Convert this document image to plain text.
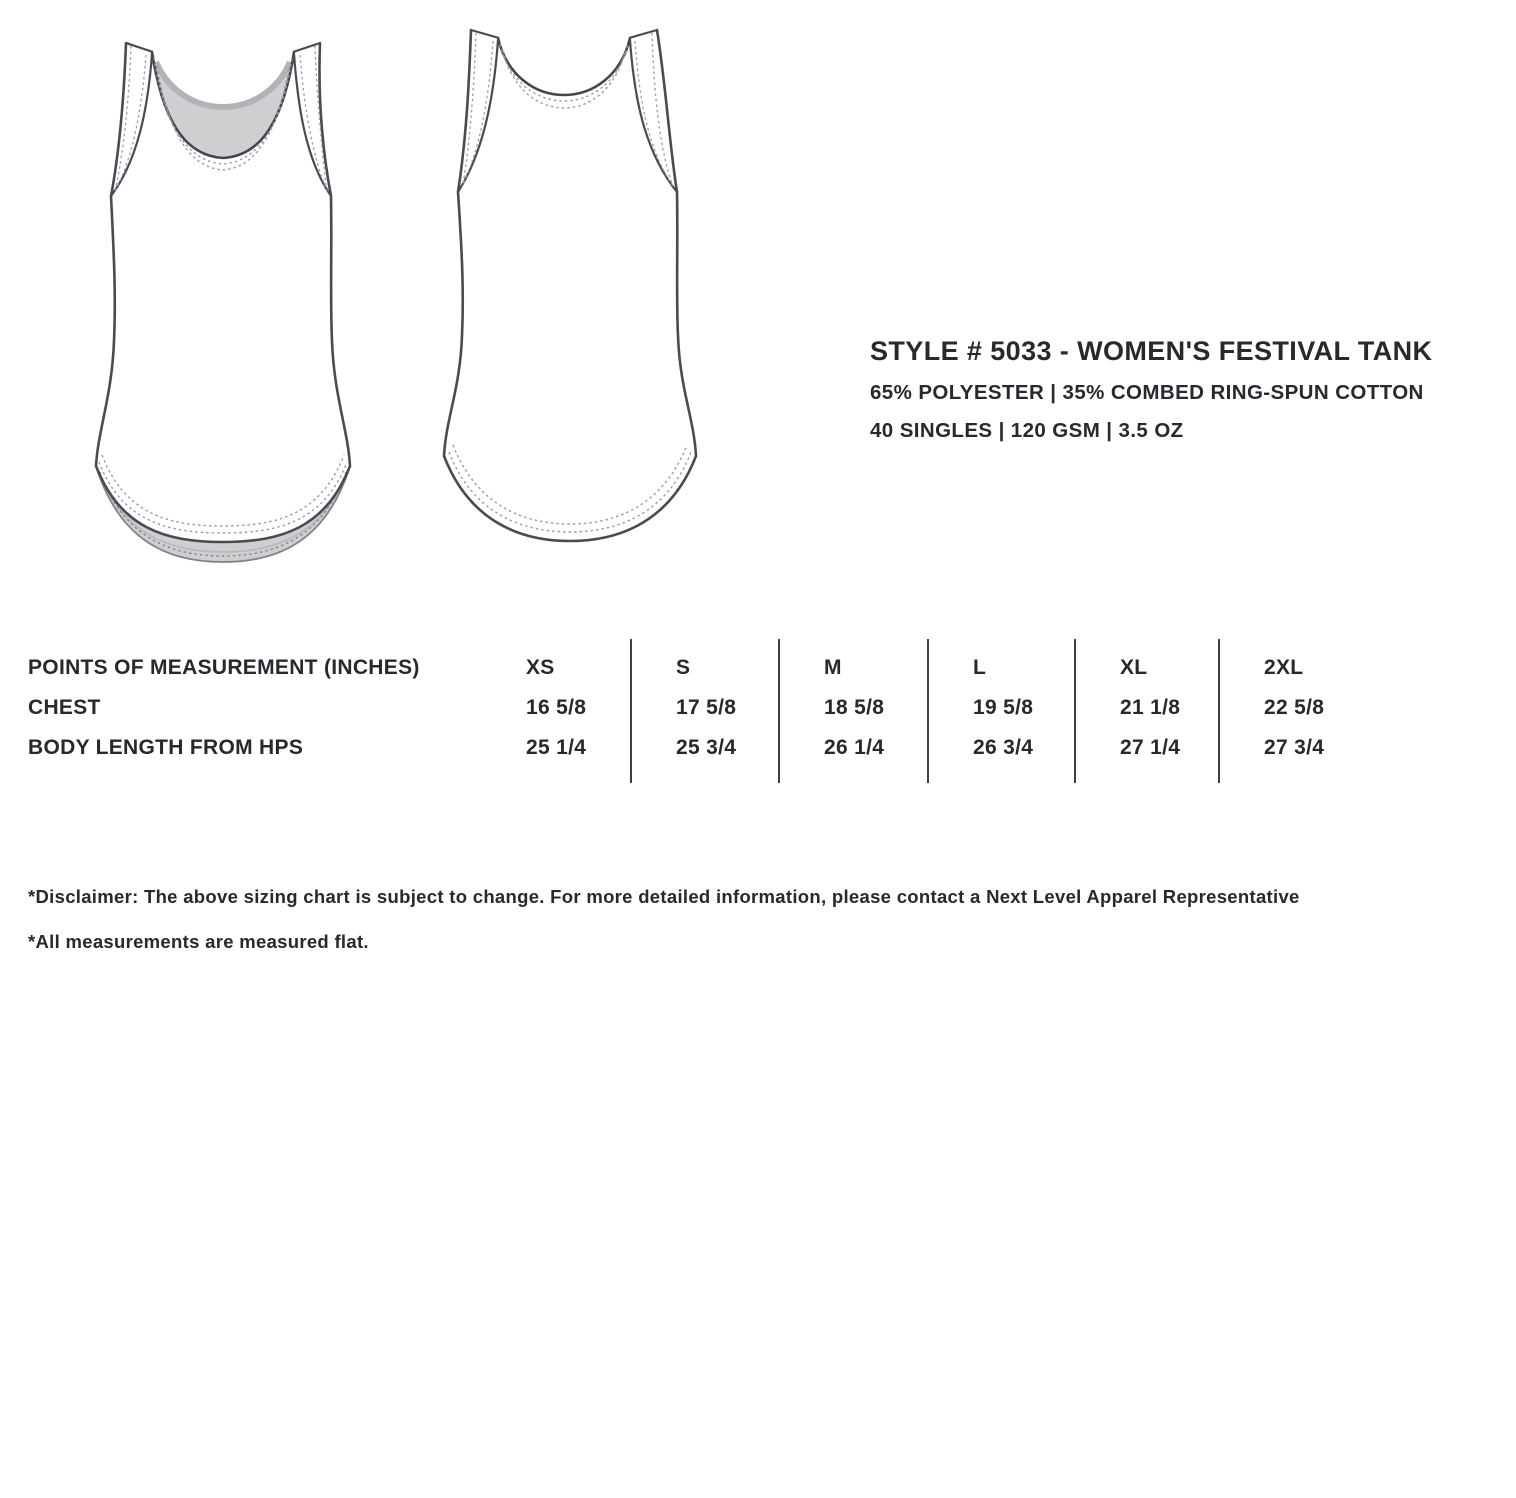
STYLE # 5033 - WOMEN'S FESTIVAL TANK
65% POLYESTER | 35% COMBED RING-SPUN COTTON
40 SINGLES | 120 GSM | 3.5 OZ
POINTS OF MEASUREMENT (INCHES)	XS	S	M	L	XL	2XL
CHEST	16 5/8	17 5/8	18 5/8	19 5/8	21 1/8	22 5/8
BODY LENGTH FROM HPS	25 1/4	25 3/4	26 1/4	26 3/4	27 1/4	27 3/4
*Disclaimer: The above sizing chart is subject to change. For more detailed information, please contact a Next Level Apparel Representative
*All measurements are measured flat.
